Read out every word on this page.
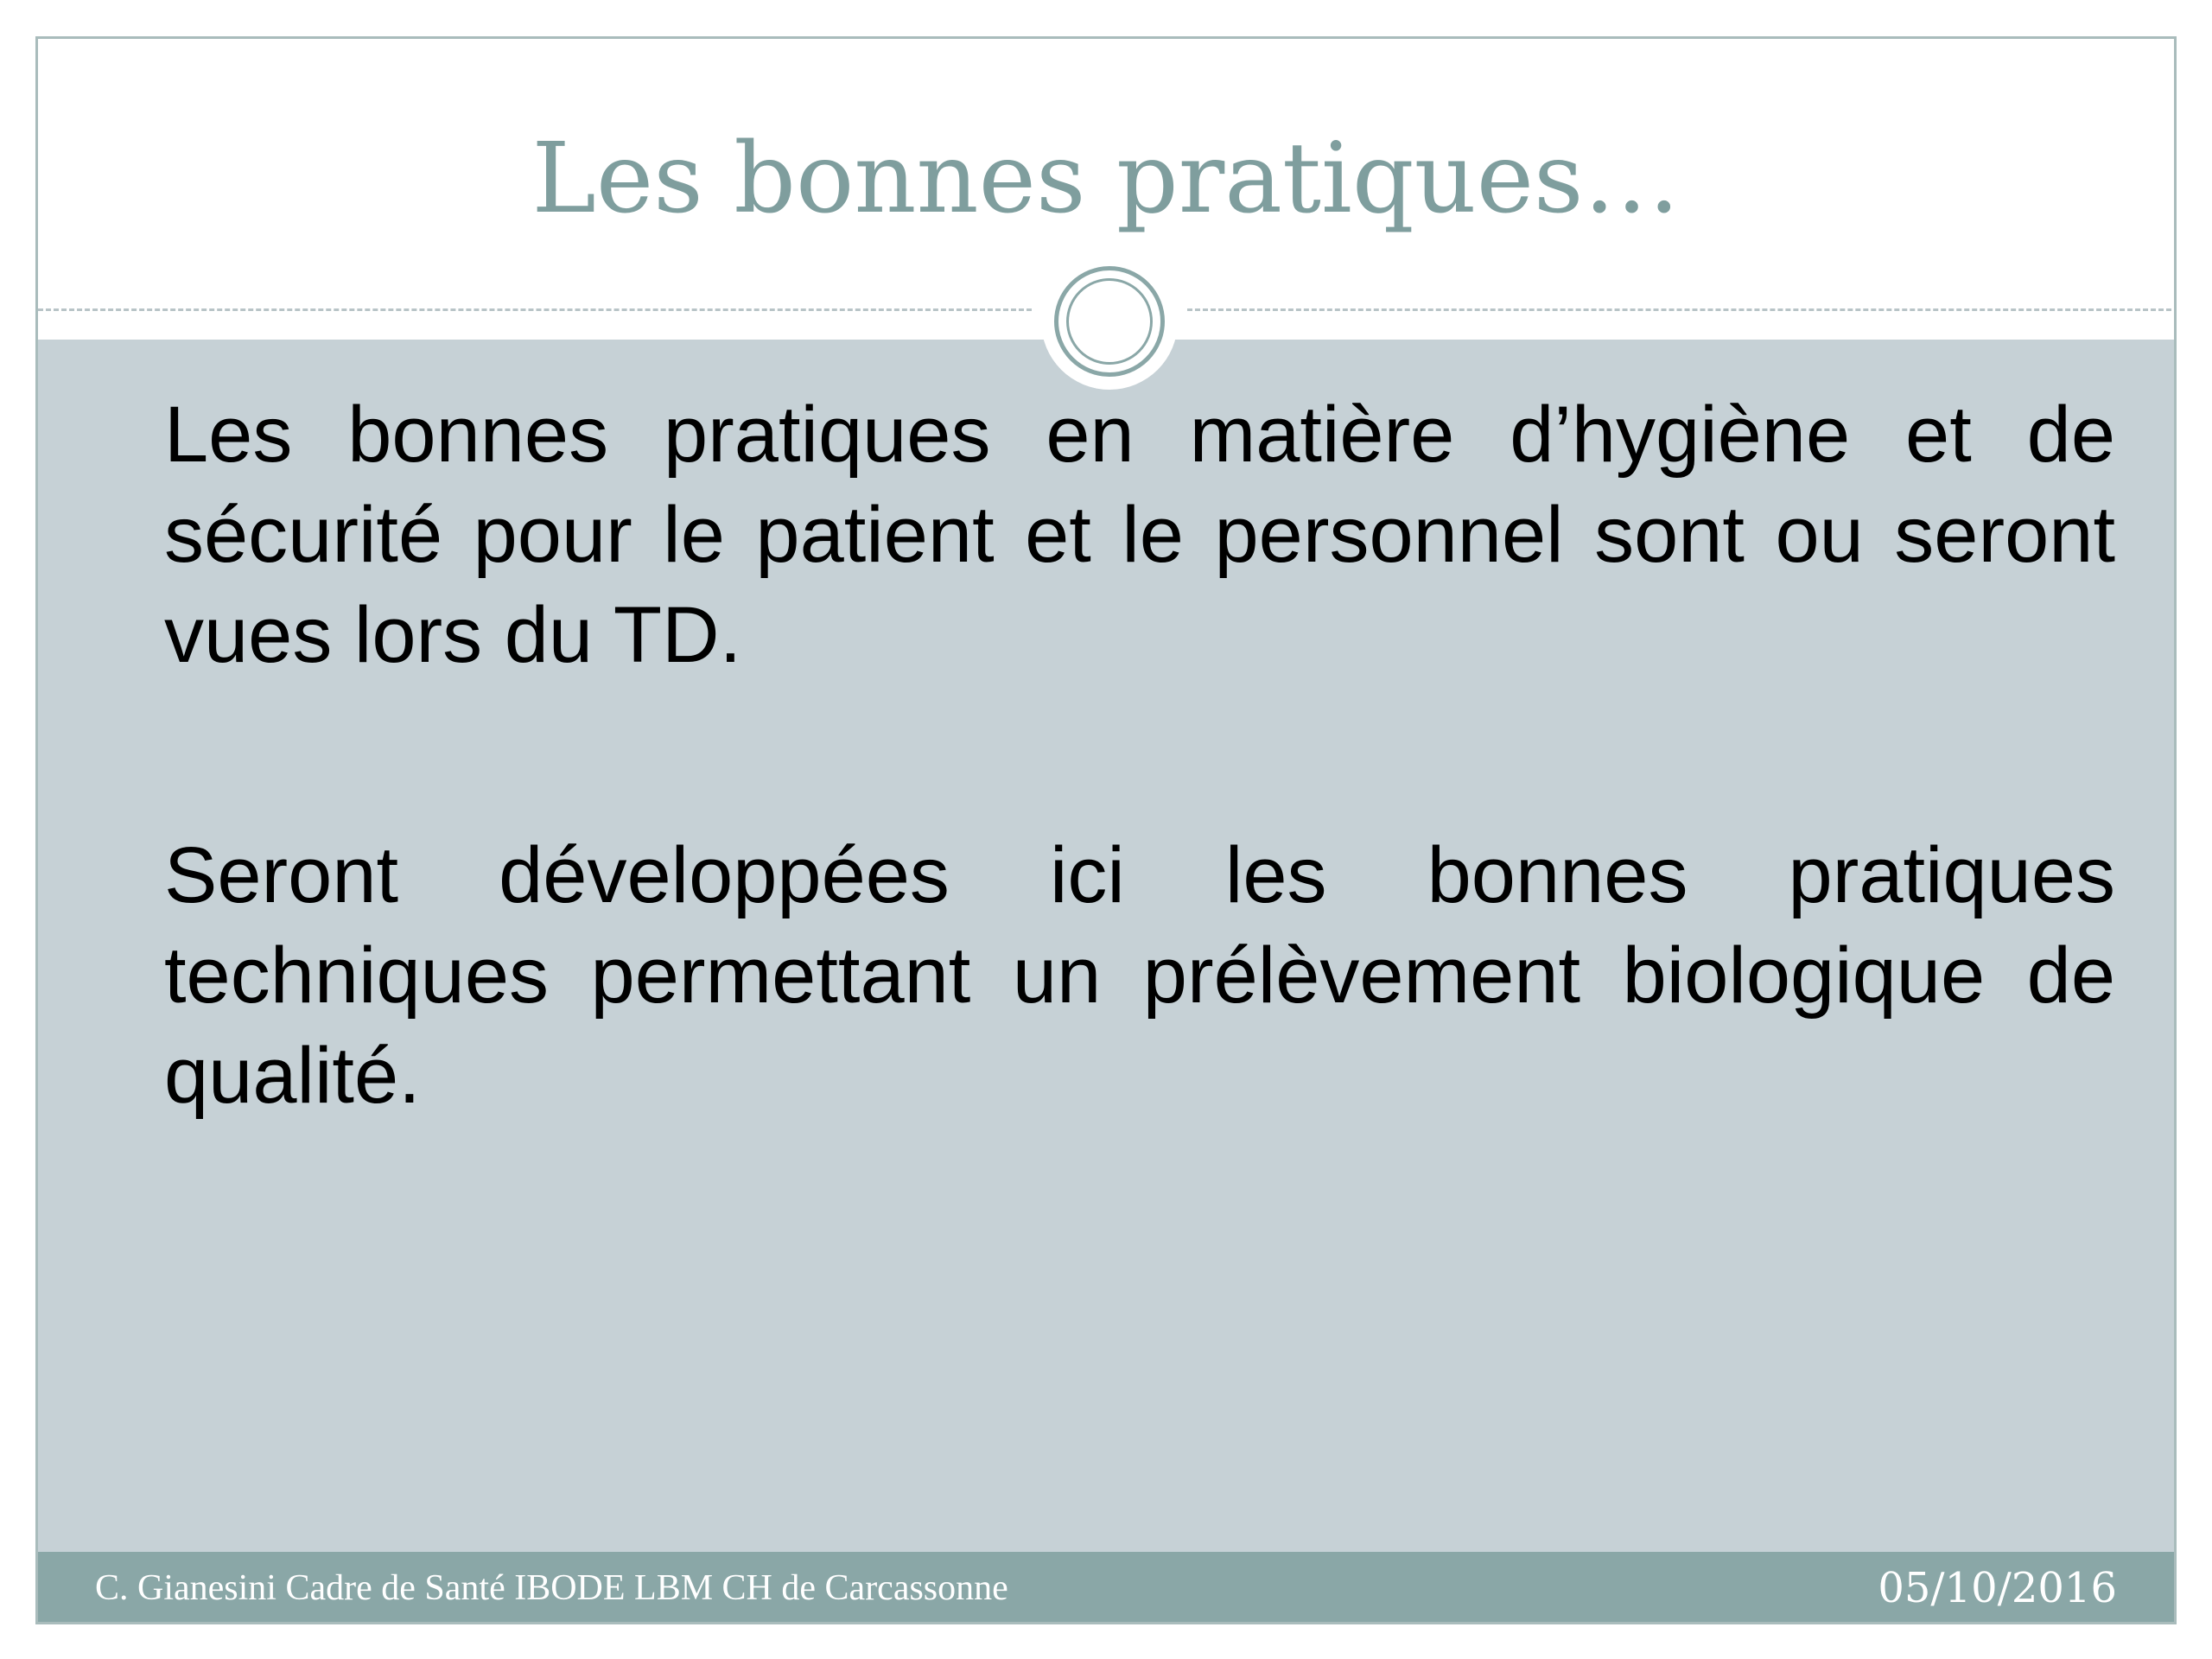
Les bonnes pratiques…

Les bonnes pratiques en matière d’hygiène et de sécurité pour le patient et le personnel sont ou seront vues lors du TD.

Seront développées ici les bonnes pratiques techniques permettant un prélèvement biologique de qualité.

C. Gianesini Cadre de Santé IBODE LBM CH de Carcassonne	05/10/2016
